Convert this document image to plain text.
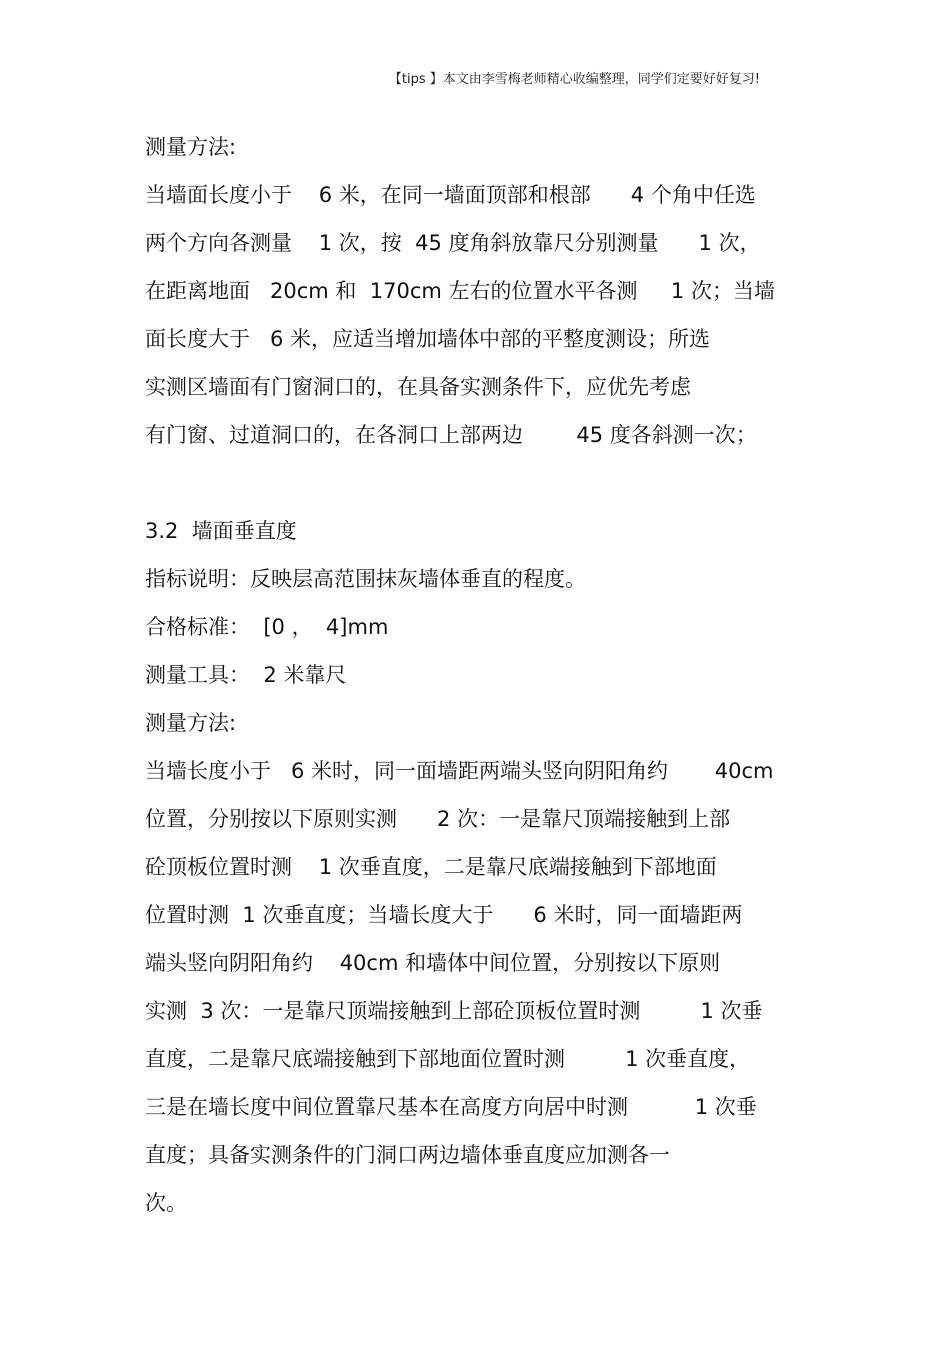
【tips 】本文由李雪梅老师精心收编整理，同学们定要好好复习!
测量方法:
当墙面长度小于    6 米，在同一墙面顶部和根部      4 个角中任选
两个方向各测量    1 次，按  45 度角斜放靠尺分别测量      1 次，
在距离地面   20cm 和  170cm 左右的位置水平各测     1 次；当墙
面长度大于   6 米，应适当增加墙体中部的平整度测设；所选
实测区墙面有门窗洞口的，在具备实测条件下，应优先考虑
有门窗、过道洞口的，在各洞口上部两边        45 度各斜测一次；
3.2  墙面垂直度
指标说明：反映层高范围抹灰墙体垂直的程度。
合格标准：  [0 ，  4]mm
测量工具：  2 米靠尺
测量方法:
当墙长度小于   6 米时，同一面墙距两端头竖向阴阳角约       40cm
位置，分别按以下原则实测      2 次：一是靠尺顶端接触到上部
砼顶板位置时测    1 次垂直度，二是靠尺底端接触到下部地面
位置时测  1 次垂直度；当墙长度大于      6 米时，同一面墙距两
端头竖向阴阳角约    40cm 和墙体中间位置，分别按以下原则
实测  3 次：一是靠尺顶端接触到上部砼顶板位置时测         1 次垂
直度，二是靠尺底端接触到下部地面位置时测         1 次垂直度，
三是在墙长度中间位置靠尺基本在高度方向居中时测          1 次垂
直度；具备实测条件的门洞口两边墙体垂直度应加测各一
次。
